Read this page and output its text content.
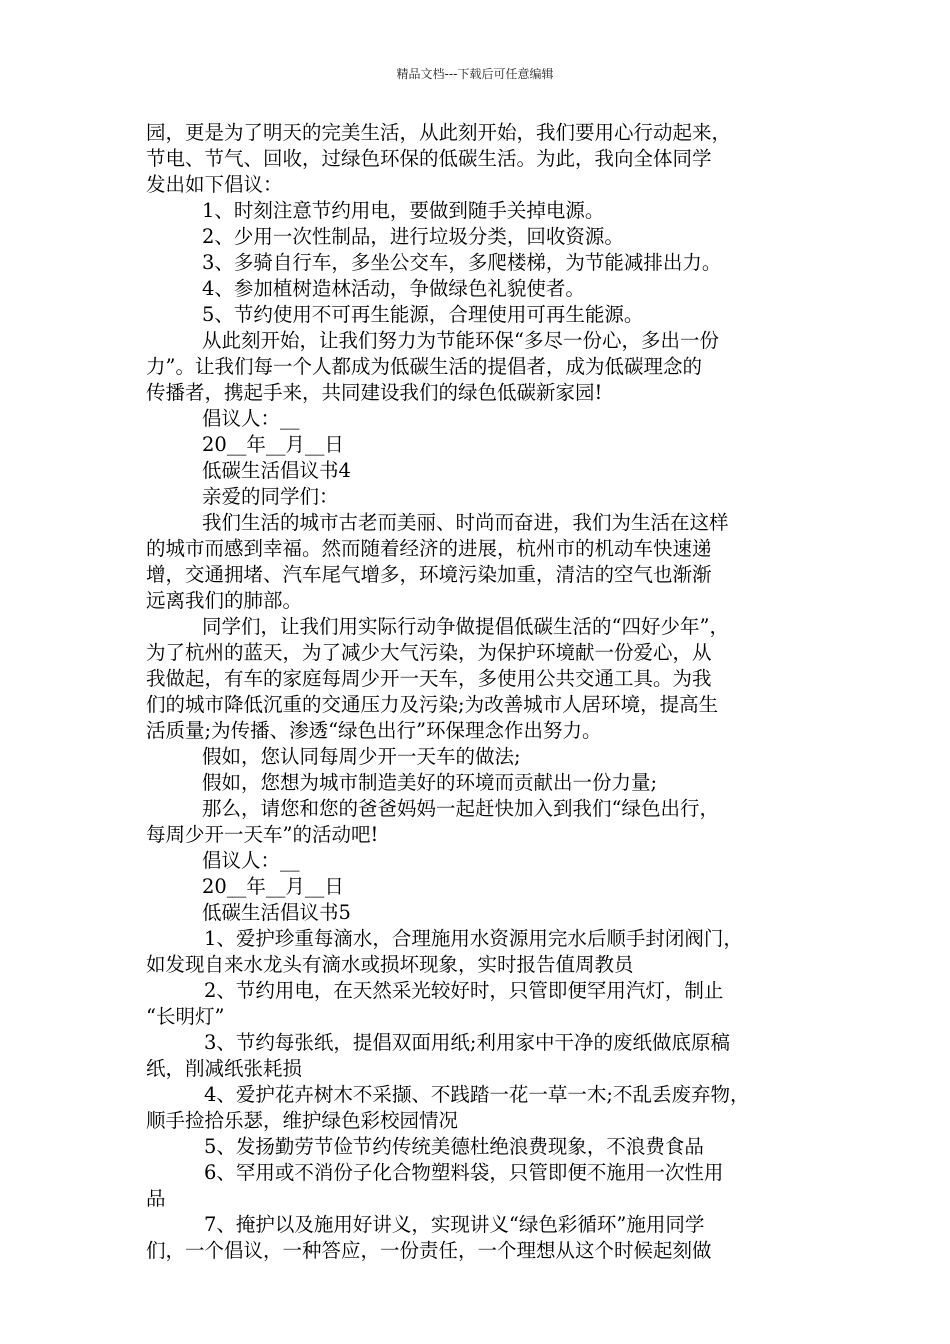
精品文档---下载后可任意编辑

园，更是为了明天的完美生活，从此刻开始，我们要用心行动起来，

节电、节气、回收，过绿色环保的低碳生活。为此，我向全体同学

发出如下倡议：

1、时刻注意节约用电，要做到随手关掉电源。

2、少用一次性制品，进行垃圾分类，回收资源。

3、多骑自行车，多坐公交车，多爬楼梯，为节能减排出力。

4、参加植树造林活动，争做绿色礼貌使者。

5、节约使用不可再生能源，合理使用可再生能源。

从此刻开始，让我们努力为节能环保“多尽一份心，多出一份

力”。让我们每一个人都成为低碳生活的提倡者，成为低碳理念的

传播者，携起手来，共同建设我们的绿色低碳新家园!

倡议人：__

20__年__月__日

低碳生活倡议书4

亲爱的同学们：

我们生活的城市古老而美丽、时尚而奋进，我们为生活在这样

的城市而感到幸福。然而随着经济的进展，杭州市的机动车快速递

增，交通拥堵、汽车尾气增多，环境污染加重，清洁的空气也渐渐

远离我们的肺部。

同学们，让我们用实际行动争做提倡低碳生活的“四好少年”，

为了杭州的蓝天，为了减少大气污染，为保护环境献一份爱心，从

我做起，有车的家庭每周少开一天车，多使用公共交通工具。为我

们的城市降低沉重的交通压力及污染;为改善城市人居环境，提高生

活质量;为传播、渗透“绿色出行”环保理念作出努力。

假如，您认同每周少开一天车的做法;

假如，您想为城市制造美好的环境而贡献出一份力量;

那么，请您和您的爸爸妈妈一起赶快加入到我们“绿色出行，

每周少开一天车”的活动吧!

倡议人：__

20__年__月__日

低碳生活倡议书5

1、爱护珍重每滴水，合理施用水资源用完水后顺手封闭阀门，

如发现自来水龙头有滴水或损坏现象，实时报告值周教员

2、节约用电，在天然采光较好时，只管即便罕用汽灯，制止

“长明灯”

3、节约每张纸，提倡双面用纸;利用家中干净的废纸做底原稿

纸，削减纸张耗损

4、爱护花卉树木不采撷、不践踏一花一草一木;不乱丢废弃物，

顺手捡拾乐瑟，维护绿色彩校园情况

5、发扬勤劳节俭节约传统美德杜绝浪费现象，不浪费食品

6、罕用或不消份子化合物塑料袋，只管即便不施用一次性用

品

7、掩护以及施用好讲义，实现讲义“绿色彩循环”施用同学

们，一个倡议，一种答应，一份责任，一个理想从这个时候起刻做
